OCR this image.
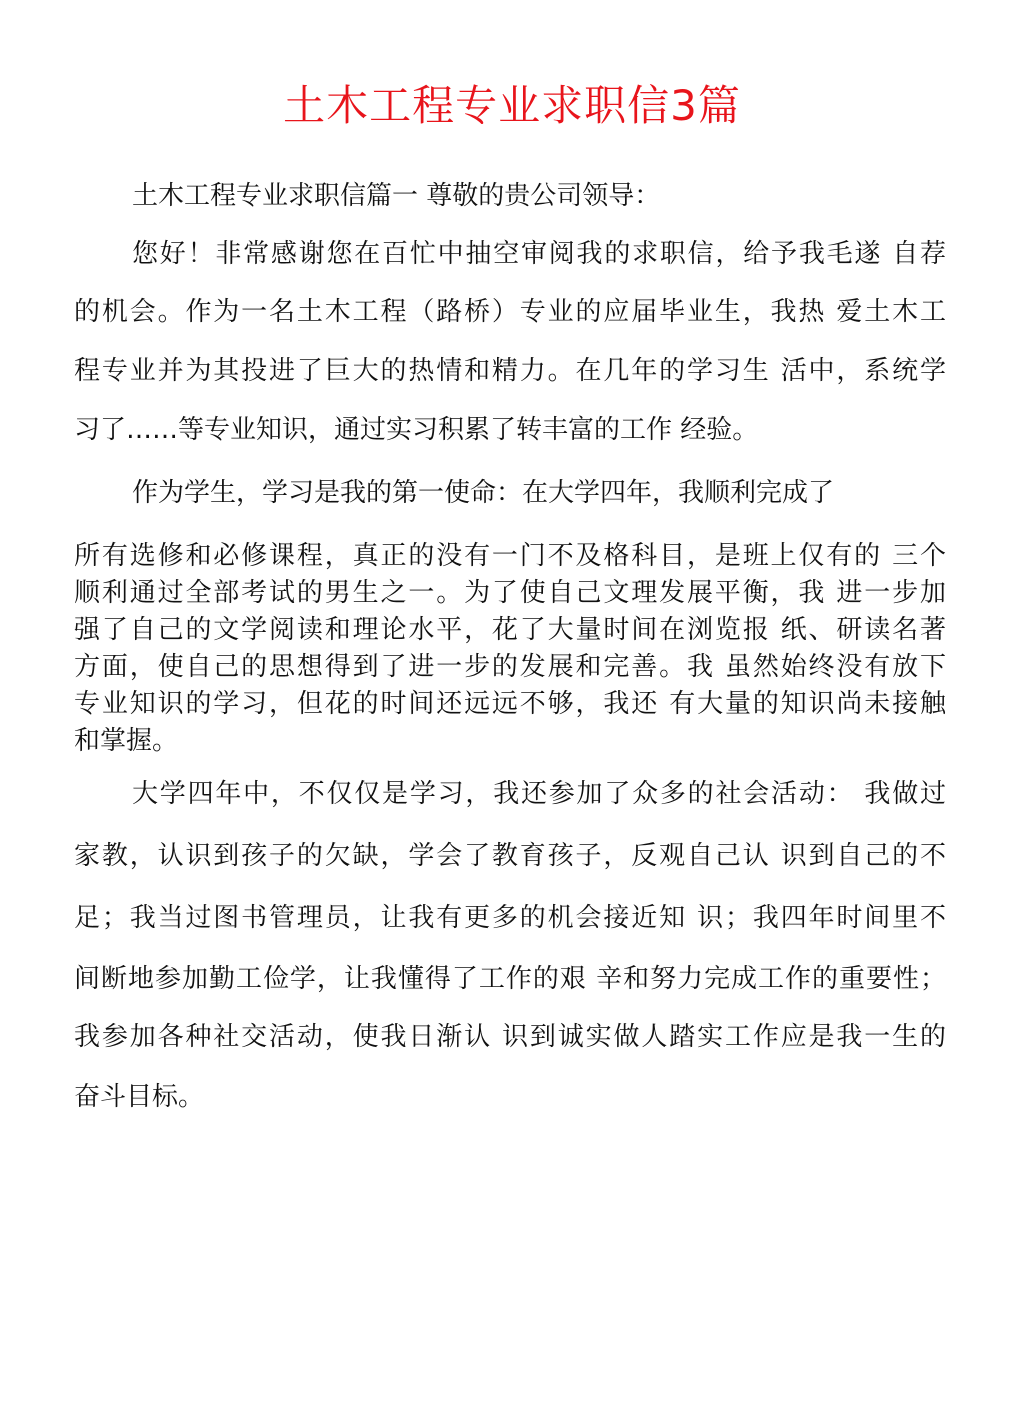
土木工程专业求职信3篇
土木工程专业求职信篇一 尊敬的贵公司领导：
您好！非常感谢您在百忙中抽空审阅我的求职信，给予我毛遂 自荐
的机会。作为一名土木工程（路桥）专业的应届毕业生，我热 爱土木工
程专业并为其投进了巨大的热情和精力。在几年的学习生 活中，系统学
习了……等专业知识，通过实习积累了转丰富的工作 经验。
作为学生，学习是我的第一使命：在大学四年，我顺利完成了
所有选修和必修课程，真正的没有一门不及格科目，是班上仅有的 三个
顺利通过全部考试的男生之一。为了使自己文理发展平衡，我 进一步加
强了自己的文学阅读和理论水平，花了大量时间在浏览报 纸、研读名著
方面，使自己的思想得到了进一步的发展和完善。我 虽然始终没有放下
专业知识的学习，但花的时间还远远不够，我还 有大量的知识尚未接触
和掌握。
大学四年中，不仅仅是学习，我还参加了众多的社会活动： 我做过
家教，认识到孩子的欠缺，学会了教育孩子，反观自己认 识到自己的不
足；我当过图书管理员，让我有更多的机会接近知 识；我四年时间里不
间断地参加勤工俭学，让我懂得了工作的艰 辛和努力完成工作的重要性；
我参加各种社交活动，使我日渐认 识到诚实做人踏实工作应是我一生的
奋斗目标。
